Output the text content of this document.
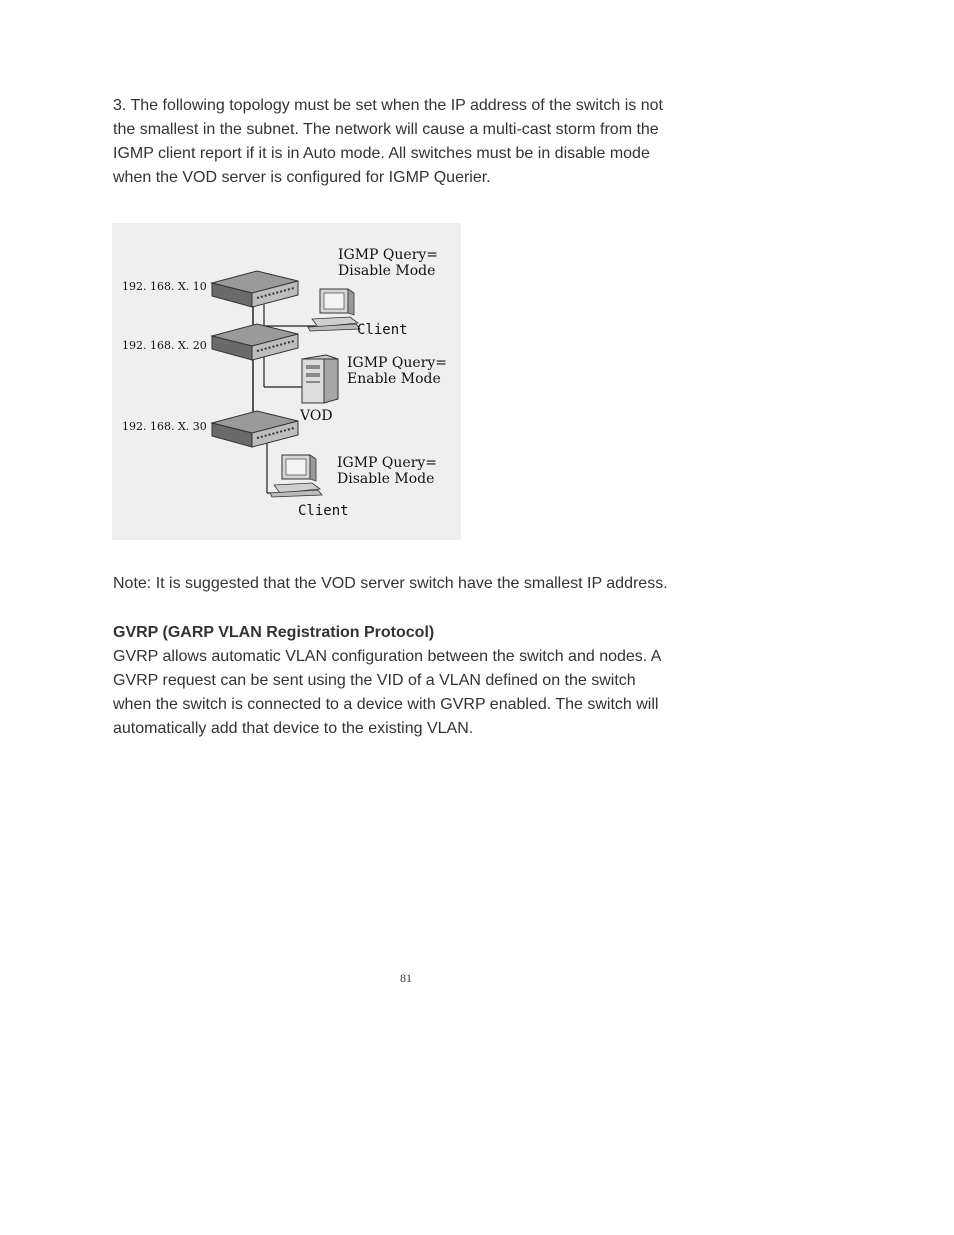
3. The following topology must be set when the IP address of the switch is not
the smallest in the subnet. The network will cause a multi-cast storm from the
IGMP client report if it is in Auto mode. All switches must be in disable mode
when the VOD server is configured for IGMP Querier.
192. 168. X. 10
192. 168. X. 20
192. 168. X. 30
IGMP Query=
Disable Mode
Client
IGMP Query=
Enable Mode
VOD
IGMP Query=
Disable Mode
Client

Note: It is suggested that the VOD server switch have the smallest IP address.

GVRP (GARP VLAN Registration Protocol)

GVRP allows automatic VLAN configuration between the switch and nodes. A
GVRP request can be sent using the VID of a VLAN defined on the switch
when the switch is connected to a device with GVRP enabled. The switch will
automatically add that device to the existing VLAN.
81
